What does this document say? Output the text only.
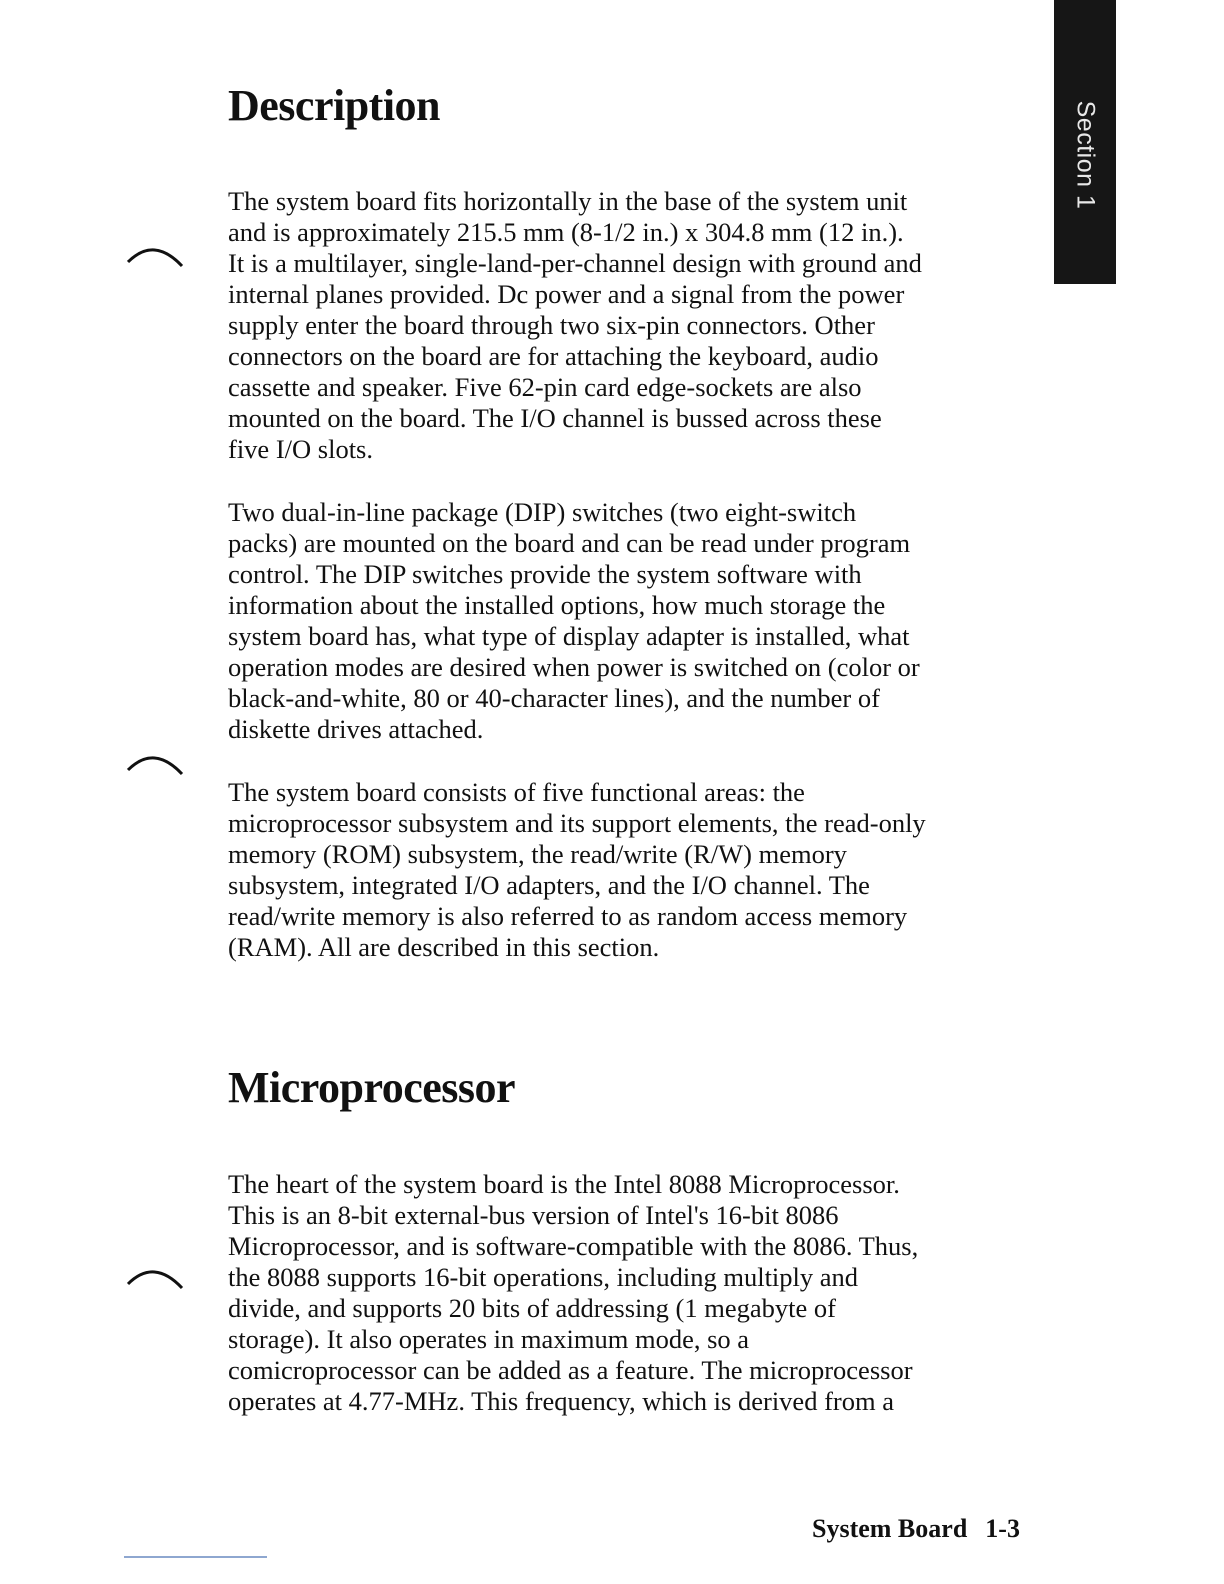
Section 1
Description

The system board fits horizontally in the base of the system unit
and is approximately 215.5 mm (8-1/2 in.) x 304.8 mm (12 in.).
It is a multilayer, single-land-per-channel design with ground and
internal planes provided. Dc power and a signal from the power
supply enter the board through two six-pin connectors. Other
connectors on the board are for attaching the keyboard, audio
cassette and speaker. Five 62-pin card edge-sockets are also
mounted on the board. The I/O channel is bussed across these
five I/O slots.

Two dual-in-line package (DIP) switches (two eight-switch
packs) are mounted on the board and can be read under program
control. The DIP switches provide the system software with
information about the installed options, how much storage the
system board has, what type of display adapter is installed, what
operation modes are desired when power is switched on (color or
black-and-white, 80 or 40-character lines), and the number of
diskette drives attached.

The system board consists of five functional areas: the
microprocessor subsystem and its support elements, the read-only
memory (ROM) subsystem, the read/write (R/W) memory
subsystem, integrated I/O adapters, and the I/O channel. The
read/write memory is also referred to as random access memory
(RAM). All are described in this section.

Microprocessor

The heart of the system board is the Intel 8088 Microprocessor.
This is an 8-bit external-bus version of Intel's 16-bit 8086
Microprocessor, and is software-compatible with the 8086. Thus,
the 8088 supports 16-bit operations, including multiply and
divide, and supports 20 bits of addressing (1 megabyte of
storage). It also operates in maximum mode, so a
comicroprocessor can be added as a feature. The microprocessor
operates at 4.77-MHz. This frequency, which is derived from a

System Board 1-3
